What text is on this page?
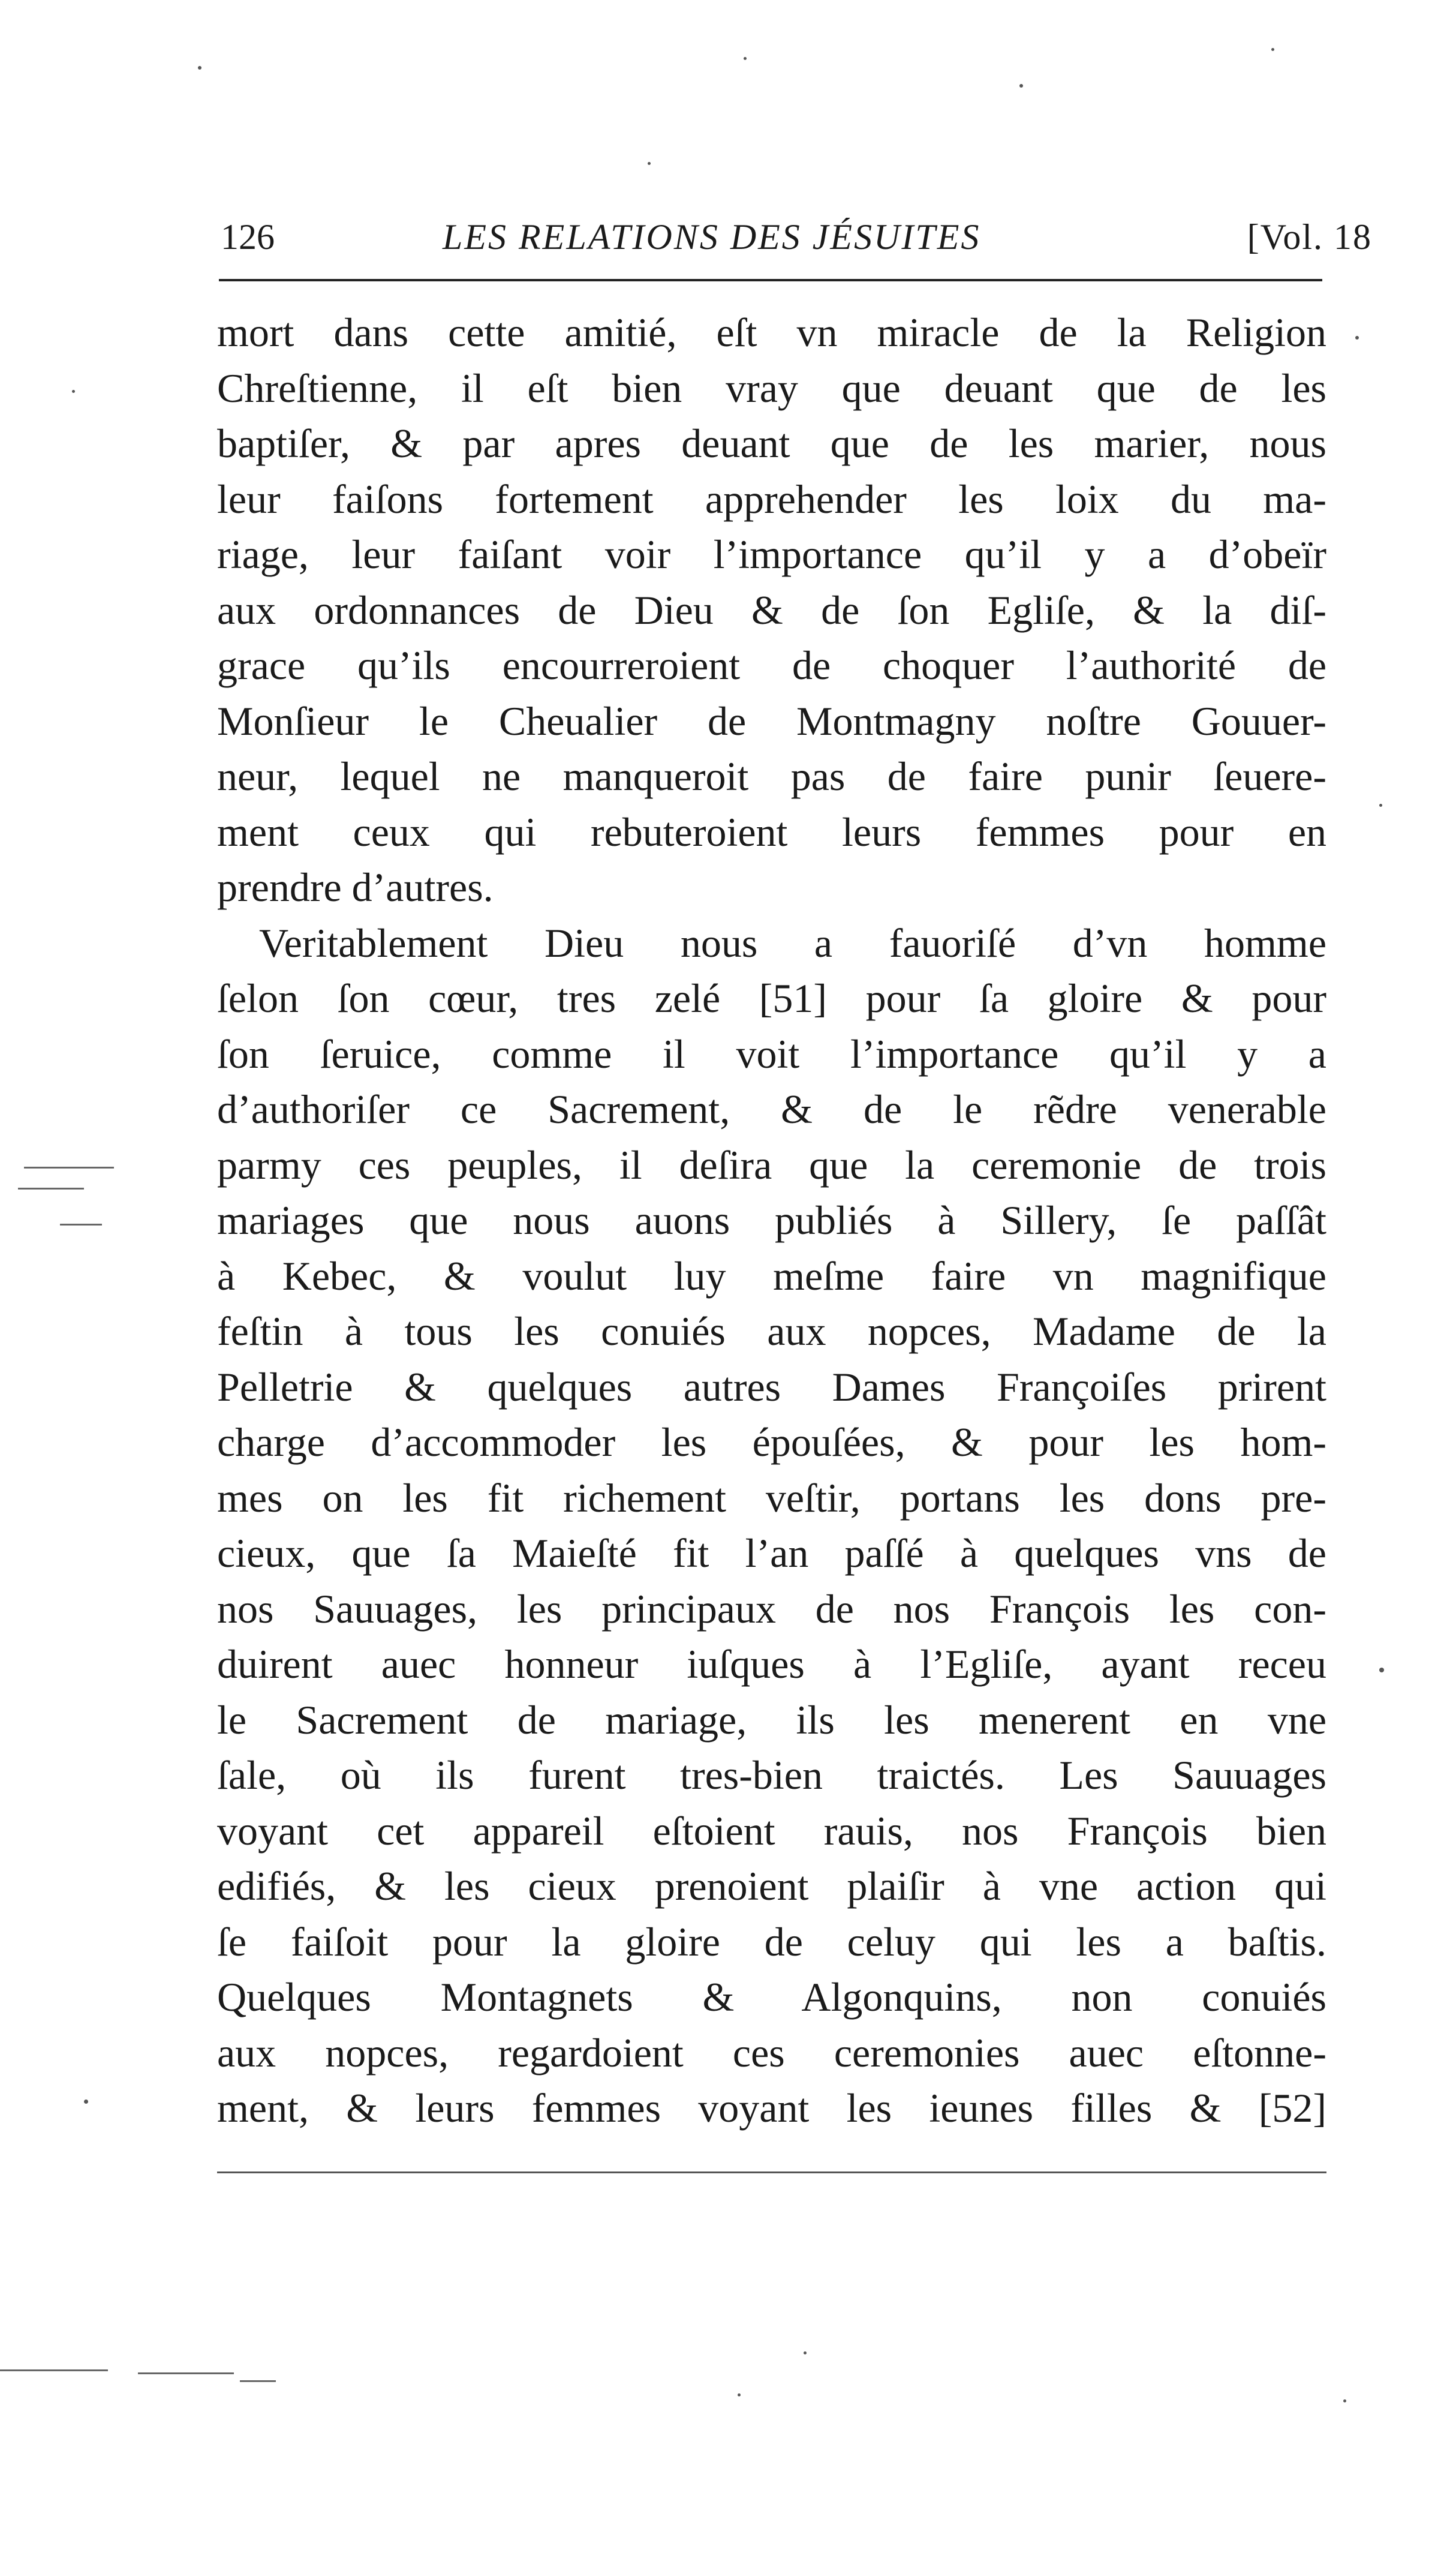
126	LES RELATIONS DES JÉSUITES	[Vol. 18
mort dans cette amitié, eſt vn miracle de la Religion
Chreſtienne, il eſt bien vray que deuant que de les
baptiſer, & par apres deuant que de les marier, nous
leur faiſons fortement apprehender les loix du ma-
riage, leur faiſant voir l’importance qu’il y a d’obeïr
aux ordonnances de Dieu & de ſon Egliſe, & la diſ-
grace qu’ils encourreroient de choquer l’authorité de
Monſieur le Cheualier de Montmagny noſtre Gouuer-
neur, lequel ne manqueroit pas de faire punir ſeuere-
ment ceux qui rebuteroient leurs femmes pour en
prendre d’autres.
Veritablement Dieu nous a fauoriſé d’vn homme
ſelon ſon cœur, tres zelé [51] pour ſa gloire & pour
ſon ſeruice, comme il voit l’importance qu’il y a
d’authoriſer ce Sacrement, & de le rẽdre venerable
parmy ces peuples, il deſira que la ceremonie de trois
mariages que nous auons publiés à Sillery, ſe paſſât
à Kebec, & voulut luy meſme faire vn magnifique
feſtin à tous les conuiés aux nopces, Madame de la
Pelletrie & quelques autres Dames Françoiſes prirent
charge d’accommoder les épouſées, & pour les hom-
mes on les fit richement veſtir, portans les dons pre-
cieux, que ſa Maieſté fit l’an paſſé à quelques vns de
nos Sauuages, les principaux de nos François les con-
duirent auec honneur iuſques à l’Egliſe, ayant receu
le Sacrement de mariage, ils les menerent en vne
ſale, où ils furent tres-bien traictés. Les Sauuages
voyant cet appareil eſtoient rauis, nos François bien
edifiés, & les cieux prenoient plaiſir à vne action qui
ſe faiſoit pour la gloire de celuy qui les a baſtis.
Quelques Montagnets & Algonquins, non conuiés
aux nopces, regardoient ces ceremonies auec eſtonne-
ment, & leurs femmes voyant les ieunes filles & [52]
